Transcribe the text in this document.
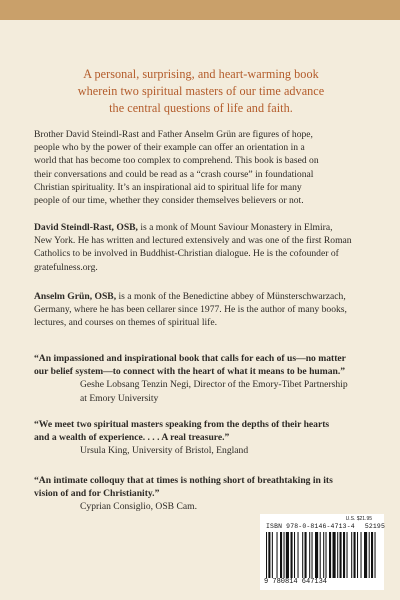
A personal, surprising, and heart-warming book
wherein two spiritual masters of our time advance
the central questions of life and faith.
Brother David Steindl-Rast and Father Anselm Grün are figures of hope,
people who by the power of their example can offer an orientation in a
world that has become too complex to comprehend. This book is based on
their conversations and could be read as a “crash course” in foundational
Christian spirituality. It’s an inspirational aid to spiritual life for many
people of our time, whether they consider themselves believers or not.
David Steindl-Rast, OSB, is a monk of Mount Saviour Monastery in Elmira,
New York. He has written and lectured extensively and was one of the first Roman
Catholics to be involved in Buddhist-Christian dialogue. He is the cofounder of
gratefulness.org.
Anselm Grün, OSB, is a monk of the Benedictine abbey of Münsterschwarzach,
Germany, where he has been cellarer since 1977. He is the author of many books,
lectures, and courses on themes of spiritual life.
“An impassioned and inspirational book that calls for each of us—no matter
our belief system—to connect with the heart of what it means to be human.”
Geshe Lobsang Tenzin Negi, Director of the Emory-Tibet Partnership
at Emory University
“We meet two spiritual masters speaking from the depths of their hearts
and a wealth of experience. . . . A real treasure.”
Ursula King, University of Bristol, England
“An intimate colloquy that at times is nothing short of breathtaking in its
vision of and for Christianity.”
Cyprian Consiglio, OSB Cam.
U.S. $21.95
ISBN 978-0-8146-4713-4 52195
9 780814 647134
